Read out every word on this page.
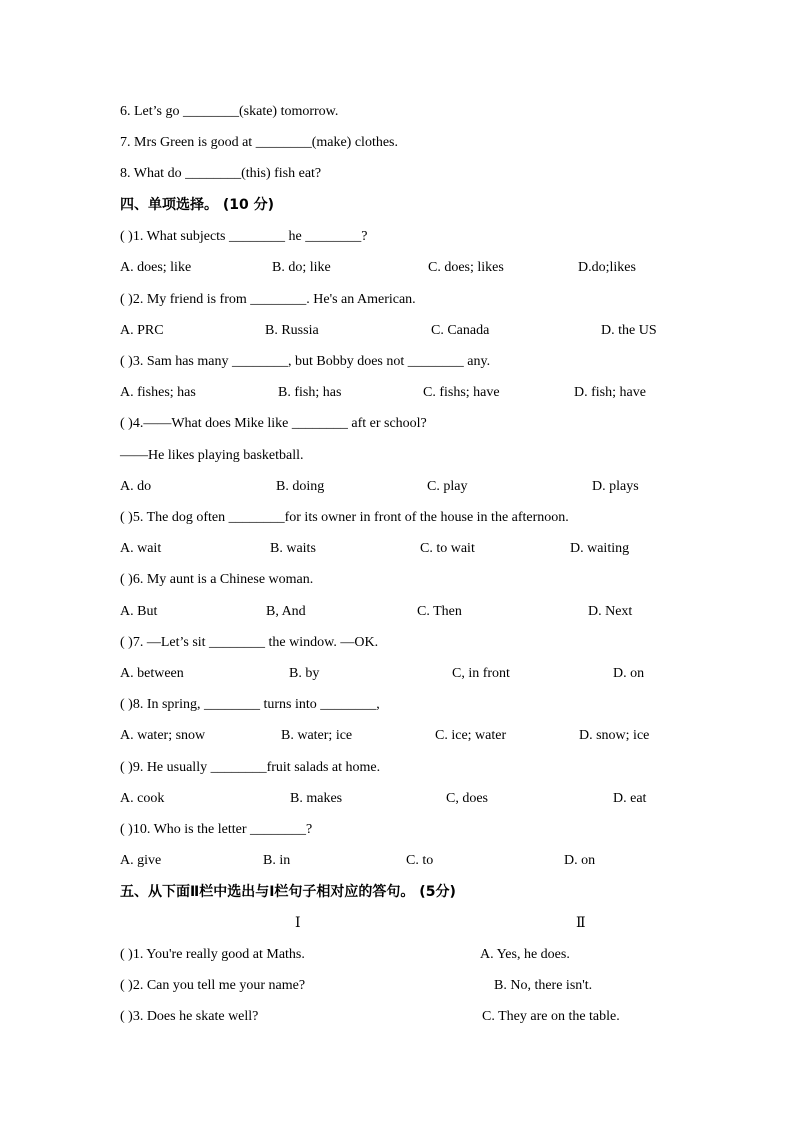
6. Let’s go ________(skate) tomorrow.
7. Mrs Green is good at ________(make) clothes.
8. What do ________(this) fish eat?
四、单项选择。 (10 分)
( )1. What subjects ________ he ________?
A. does; like	B. do; like	C. does; likes	D.do;likes
( )2. My friend is from ________. He's an American.
A. PRC	B. Russia	C. Canada	D. the US
( )3. Sam has many ________, but Bobby does not ________ any.
A. fishes; has	B. fish; has	C. fishs; have	D. fish; have
( )4.——What does Mike like ________ aft er school?
——He likes playing basketball.
A. do	B. doing	C. play	D. plays
( )5. The dog often ________for its owner in front of the house in the afternoon.
A. wait	B. waits	C. to wait	D. waiting
( )6. My aunt is a Chinese woman.
A. But	B, And	C. Then	D. Next
( )7. —Let’s sit ________ the window. —OK.
A. between	B. by	C, in front	D. on
( )8. In spring, ________ turns into ________,
A. water; snow	B. water; ice	C. ice; water	D. snow; ice
( )9. He usually ________fruit salads at home.
A. cook	B. makes	C, does	D. eat
( )10. Who is the letter ________?
A. give	B. in	C. to	D. on
五、从下面Ⅱ栏中选出与Ⅰ栏句子相对应的答句。 (5分)
Ⅰ	Ⅱ
( )1. You're really good at Maths.	A. Yes, he does.
( )2. Can you tell me your name?	B. No, there isn't.
( )3. Does he skate well?	C. They are on the table.
